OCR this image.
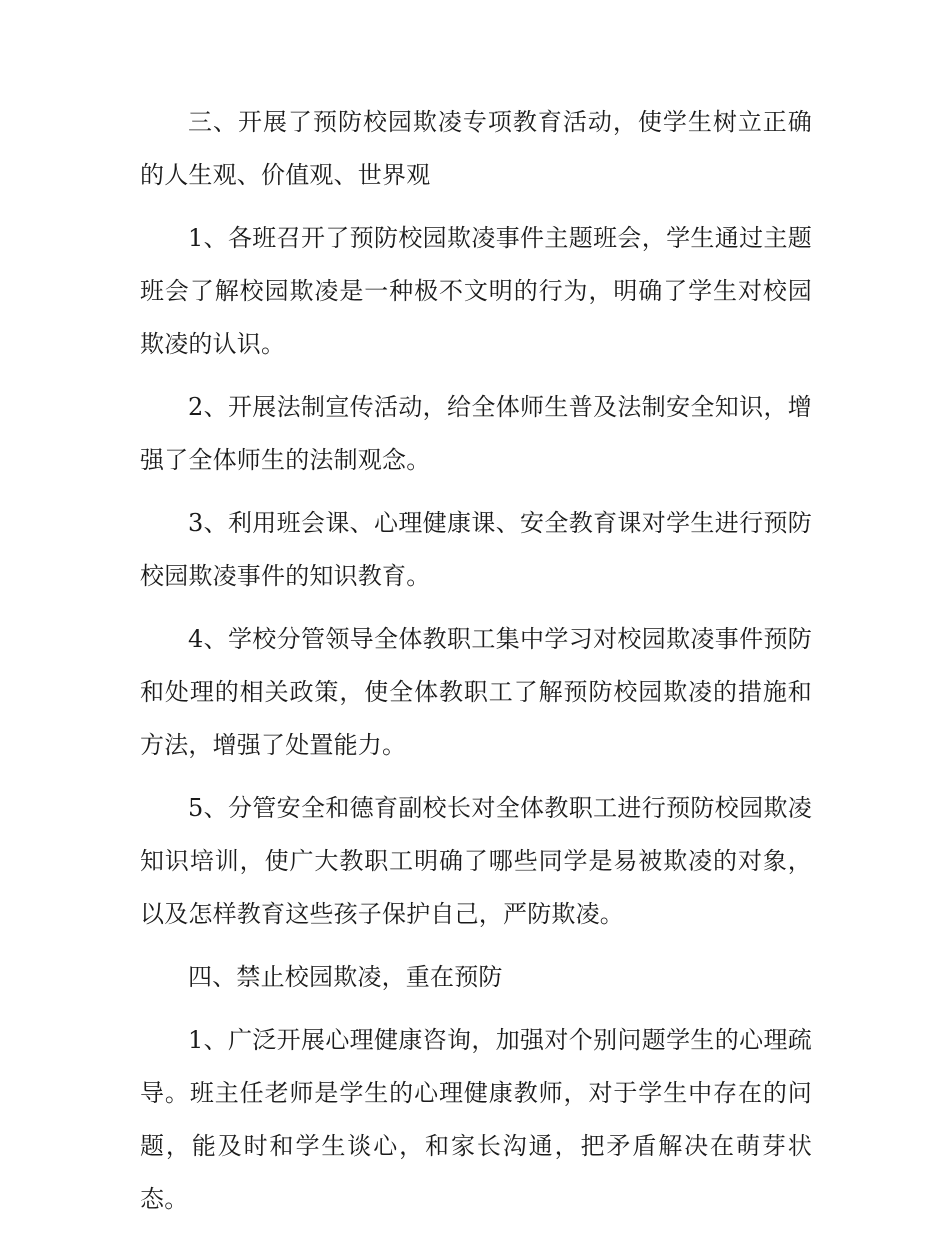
三、开展了预防校园欺凌专项教育活动，使学生树立正确的人生观、价值观、世界观

1、各班召开了预防校园欺凌事件主题班会，学生通过主题班会了解校园欺凌是一种极不文明的行为，明确了学生对校园欺凌的认识。

2、开展法制宣传活动，给全体师生普及法制安全知识，增强了全体师生的法制观念。

3、利用班会课、心理健康课、安全教育课对学生进行预防校园欺凌事件的知识教育。

4、学校分管领导全体教职工集中学习对校园欺凌事件预防和处理的相关政策，使全体教职工了解预防校园欺凌的措施和方法，增强了处置能力。

5、分管安全和德育副校长对全体教职工进行预防校园欺凌知识培训，使广大教职工明确了哪些同学是易被欺凌的对象，以及怎样教育这些孩子保护自己，严防欺凌。

四、禁止校园欺凌，重在预防

1、广泛开展心理健康咨询，加强对个别问题学生的心理疏导。班主任老师是学生的心理健康教师，对于学生中存在的问题，能及时和学生谈心，和家长沟通，把矛盾解决在萌芽状态。
